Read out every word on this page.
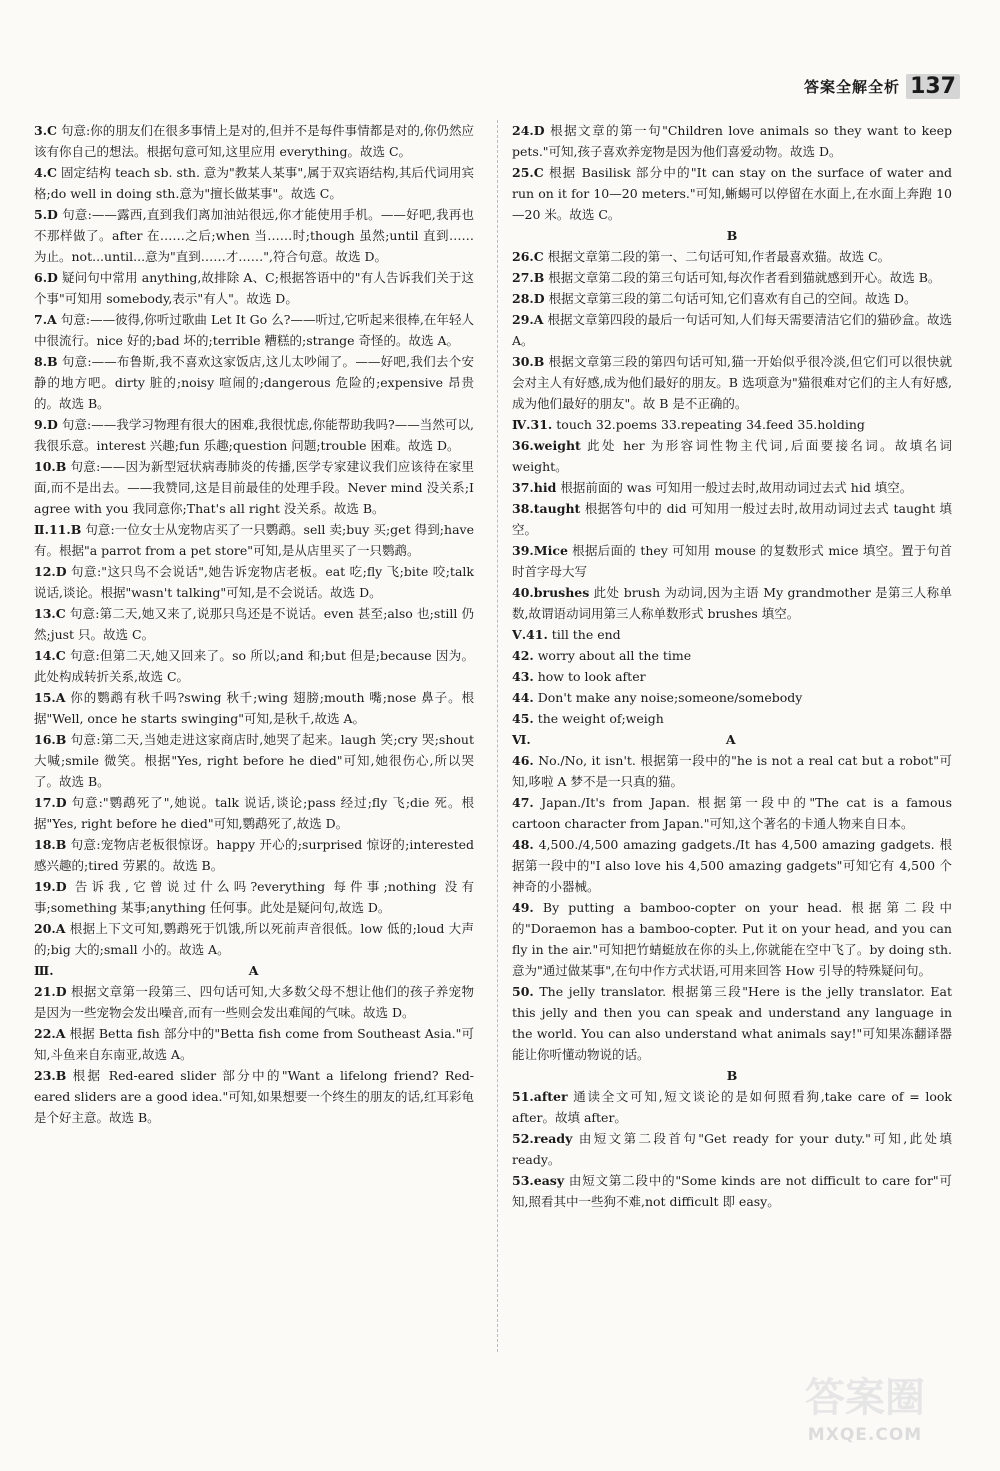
答案全解全析 137

3.C 句意:你的朋友们在很多事情上是对的,但并不是每件事情都是对的,你仍然应该有你自己的想法。根据句意可知,这里应用 everything。故选 C。

4.C 固定结构 teach sb. sth. 意为"教某人某事",属于双宾语结构,其后代词用宾格;do well in doing sth.意为"擅长做某事"。故选 C。

5.D 句意:——露西,直到我们离加油站很远,你才能使用手机。——好吧,我再也不那样做了。after 在……之后;when 当……时;though 虽然;until 直到……为止。not...until...意为"直到……才……",符合句意。故选 D。

6.D 疑问句中常用 anything,故排除 A、C;根据答语中的"有人告诉我们关于这个事"可知用 somebody,表示"有人"。故选 D。

7.A 句意:——彼得,你听过歌曲 Let It Go 么?——听过,它听起来很棒,在年轻人中很流行。nice 好的;bad 坏的;terrible 糟糕的;strange 奇怪的。故选 A。

8.B 句意:——布鲁斯,我不喜欢这家饭店,这儿太吵闹了。——好吧,我们去个安静的地方吧。dirty 脏的;noisy 喧闹的;dangerous 危险的;expensive 昂贵的。故选 B。

9.D 句意:——我学习物理有很大的困难,我很忧虑,你能帮助我吗?——当然可以,我很乐意。interest 兴趣;fun 乐趣;question 问题;trouble 困难。故选 D。

10.B 句意:——因为新型冠状病毒肺炎的传播,医学专家建议我们应该待在家里面,而不是出去。——我赞同,这是目前最佳的处理手段。Never mind 没关系;I agree with you 我同意你;That's all right 没关系。故选 B。

Ⅱ.11.B 句意:一位女士从宠物店买了一只鹦鹉。sell 卖;buy 买;get 得到;have 有。根据"a parrot from a pet store"可知,是从店里买了一只鹦鹉。

12.D 句意:"这只鸟不会说话",她告诉宠物店老板。eat 吃;fly 飞;bite 咬;talk 说话,谈论。根据"wasn't talking"可知,是不会说话。故选 D。

13.C 句意:第二天,她又来了,说那只鸟还是不说话。even 甚至;also 也;still 仍然;just 只。故选 C。

14.C 句意:但第二天,她又回来了。so 所以;and 和;but 但是;because 因为。此处构成转折关系,故选 C。

15.A 你的鹦鹉有秋千吗?swing 秋千;wing 翅膀;mouth 嘴;nose 鼻子。根据"Well, once he starts swinging"可知,是秋千,故选 A。

16.B 句意:第二天,当她走进这家商店时,她哭了起来。laugh 笑;cry 哭;shout 大喊;smile 微笑。根据"Yes, right before he died"可知,她很伤心,所以哭了。故选 B。

17.D 句意:"鹦鹉死了",她说。talk 说话,谈论;pass 经过;fly 飞;die 死。根据"Yes, right before he died"可知,鹦鹉死了,故选 D。

18.B 句意:宠物店老板很惊讶。happy 开心的;surprised 惊讶的;interested 感兴趣的;tired 劳累的。故选 B。

19.D 告诉我,它曾说过什么吗?everything 每件事;nothing 没有事;something 某事;anything 任何事。此处是疑问句,故选 D。

20.A 根据上下文可知,鹦鹉死于饥饿,所以死前声音很低。low 低的;loud 大声的;big 大的;small 小的。故选 A。

Ⅲ.	A

21.D 根据文章第一段第三、四句话可知,大多数父母不想让他们的孩子养宠物是因为一些宠物会发出噪音,而有一些则会发出难闻的气味。故选 D。

22.A 根据 Betta fish 部分中的"Betta fish come from Southeast Asia."可知,斗鱼来自东南亚,故选 A。

23.B 根据 Red-eared slider 部分中的"Want a lifelong friend? Red-eared sliders are a good idea."可知,如果想要一个终生的朋友的话,红耳彩龟是个好主意。故选 B。

24.D 根据文章的第一句"Children love animals so they want to keep pets."可知,孩子喜欢养宠物是因为他们喜爱动物。故选 D。

25.C 根据 Basilisk 部分中的"It can stay on the surface of water and run on it for 10—20 meters."可知,蜥蜴可以停留在水面上,在水面上奔跑 10—20 米。故选 C。

B

26.C 根据文章第二段的第一、二句话可知,作者最喜欢猫。故选 C。

27.B 根据文章第二段的第三句话可知,每次作者看到猫就感到开心。故选 B。

28.D 根据文章第三段的第二句话可知,它们喜欢有自己的空间。故选 D。

29.A 根据文章第四段的最后一句话可知,人们每天需要清洁它们的猫砂盒。故选 A。

30.B 根据文章第三段的第四句话可知,猫一开始似乎很冷淡,但它们可以很快就会对主人有好感,成为他们最好的朋友。B 选项意为"猫很难对它们的主人有好感,成为他们最好的朋友"。故 B 是不正确的。

Ⅳ.31. touch 32.poems 33.repeating 34.feed 35.holding

36.weight 此处 her 为形容词性物主代词,后面要接名词。故填名词 weight。

37.hid 根据前面的 was 可知用一般过去时,故用动词过去式 hid 填空。

38.taught 根据答句中的 did 可知用一般过去时,故用动词过去式 taught 填空。

39.Mice 根据后面的 they 可知用 mouse 的复数形式 mice 填空。置于句首时首字母大写

40.brushes 此处 brush 为动词,因为主语 My grandmother 是第三人称单数,故谓语动词用第三人称单数形式 brushes 填空。

Ⅴ.41. till the end

42. worry about all the time

43. how to look after

44. Don't make any noise;someone/somebody

45. the weight of;weigh

Ⅵ.	A

46. No./No, it isn't. 根据第一段中的"he is not a real cat but a robot"可知,哆啦 A 梦不是一只真的猫。

47. Japan./It's from Japan. 根据第一段中的"The cat is a famous cartoon character from Japan."可知,这个著名的卡通人物来自日本。

48. 4,500./4,500 amazing gadgets./It has 4,500 amazing gadgets. 根据第一段中的"I also love his 4,500 amazing gadgets"可知它有 4,500 个神奇的小器械。

49. By putting a bamboo-copter on your head. 根据第二段中的"Doraemon has a bamboo-copter. Put it on your head, and you can fly in the air."可知把竹蜻蜓放在你的头上,你就能在空中飞了。by doing sth.意为"通过做某事",在句中作方式状语,可用来回答 How 引导的特殊疑问句。

50. The jelly translator. 根据第三段"Here is the jelly translator. Eat this jelly and then you can speak and understand any language in the world. You can also understand what animals say!"可知果冻翻译器能让你听懂动物说的话。

B

51.after 通读全文可知,短文谈论的是如何照看狗,take care of = look after。故填 after。

52.ready 由短文第二段首句"Get ready for your duty."可知,此处填 ready。

53.easy 由短文第二段中的"Some kinds are not difficult to care for"可知,照看其中一些狗不难,not difficult 即 easy。

答案圈
MXQE.COM
